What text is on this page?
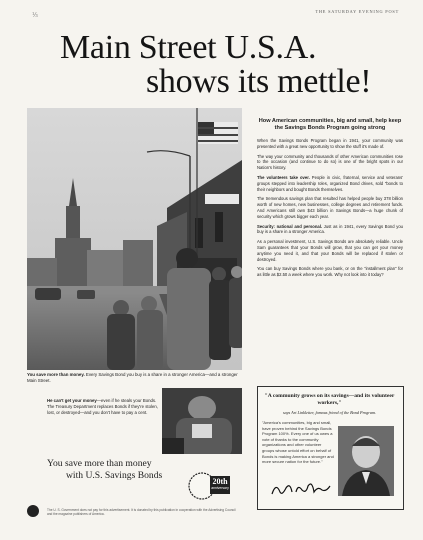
⅓
THE SATURDAY EVENING POST
Main Street U.S.A.
shows its mettle!
You save more than money. Every Savings Bond you buy is a share in a stronger America—and a stronger Main Street.

How American communities, big and small, help keep the Savings Bonds Program going strong

When the Savings Bonds Program began in 1941, your community was presented with a great new opportunity to show the stuff it's made of.

The way your community and thousands of other American communities rose to the occasion (and continue to do so) is one of the bright spots in our Nation's history.

The volunteers take over. People in civic, fraternal, service and veterans' groups stepped into leadership roles, organized Bond drives, sold "bonds to their neighbors and bought Bonds themselves.

The tremendous savings plan that resulted has helped people buy 378 billion worth of new homes, new businesses, college degrees and retirement funds. And Americans still own $43 billion in Savings Bonds—a huge chunk of security which grows bigger each year.

Security: national and personal. Just as in 1941, every Savings Bond you buy is a share in a stronger America.

As a personal investment, U.S. Savings Bonds are absolutely reliable. Uncle Sam guarantees that your Bonds will grow, that you can get your money anytime you need it, and that your Bonds will be replaced if stolen or destroyed.

You can buy Savings Bonds where you bank, or on the "installment plan" for as little as $2.50 a week where you work. Why not look into it today?

He can't get your money—even if he steals your Bonds. The Treasury Department replaces Bonds if they're stolen, lost, or destroyed—and you don't have to pay a cent.
You save more than money
with U.S. Savings Bonds
20th
anniversary
The U. S. Government does not pay for this advertisement. It is donated by this publication in cooperation with the Advertising Council and the magazine publishers of America.
"A community grows on its savings—and its volunteer workers,"
says Art Linkletter, famous friend of the Bond Program.
"America's communities, big and small, have proven behind the Savings Bonds Program 100%. Every one of us owes a vote of thanks to the community organizations and other volunteer groups whose untold effort on behalf of Bonds is making America a stronger and more secure nation for the future."
